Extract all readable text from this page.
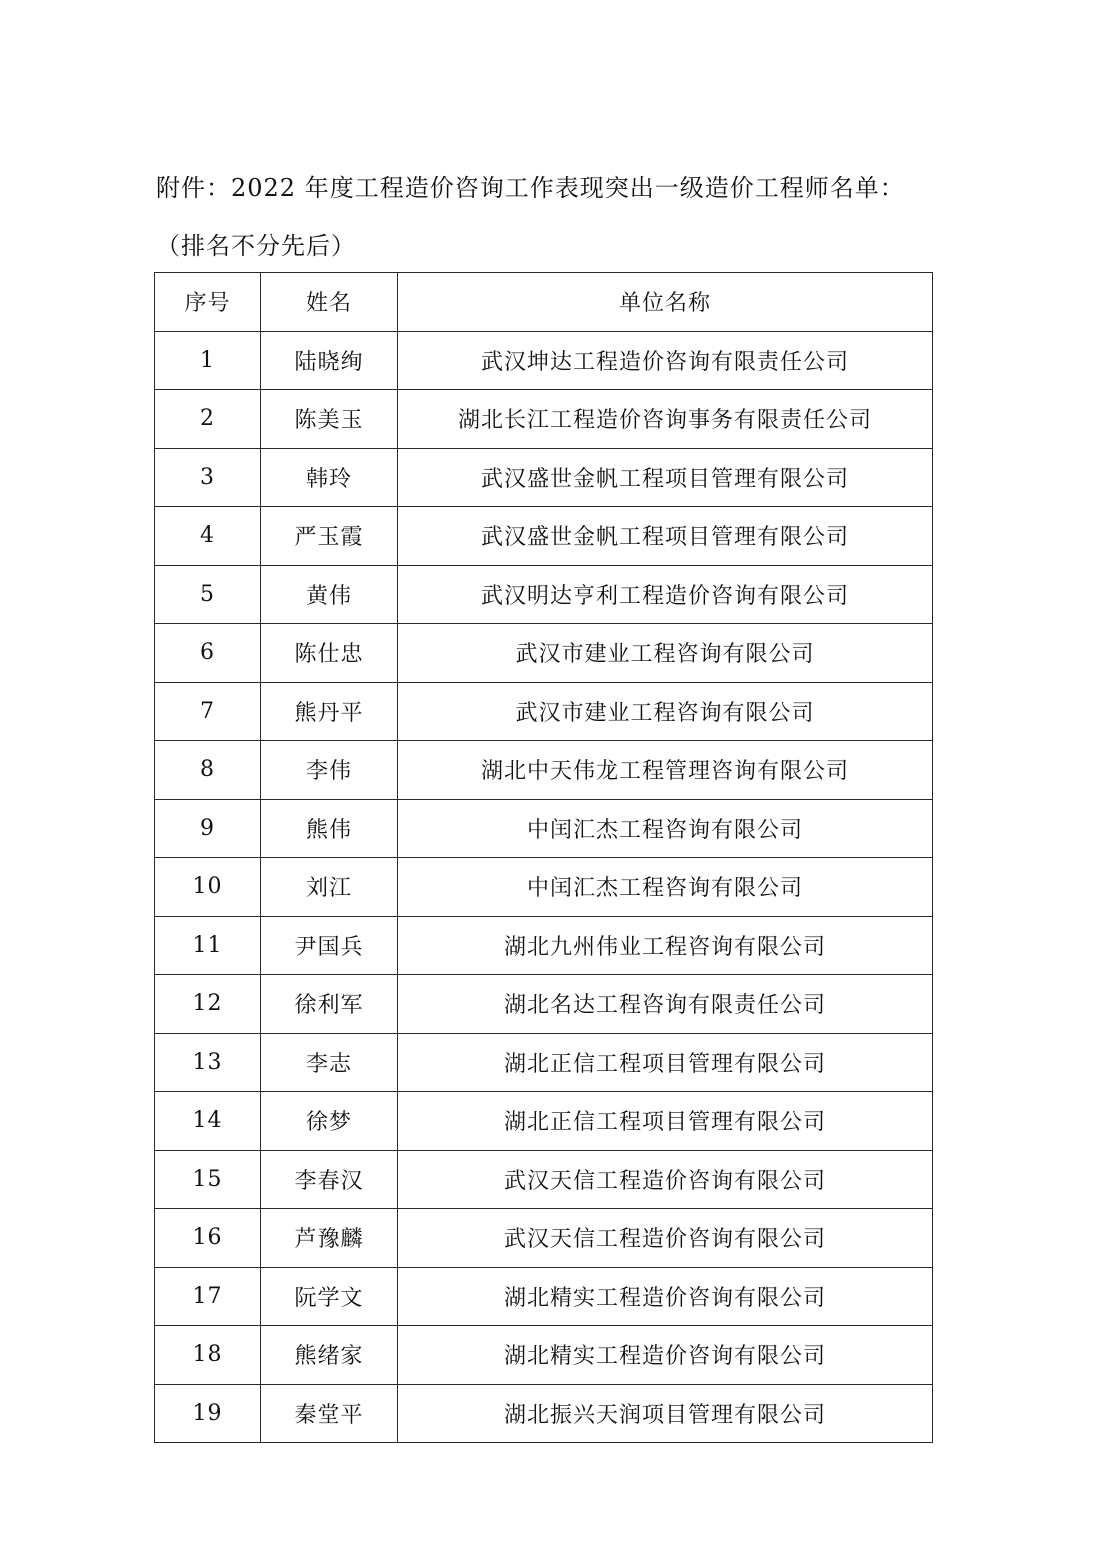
附件：2022 年度工程造价咨询工作表现突出一级造价工程师名单：
（排名不分先后）
序号	姓名	单位名称
1	陆晓绚	武汉坤达工程造价咨询有限责任公司
2	陈美玉	湖北长江工程造价咨询事务有限责任公司
3	韩玲	武汉盛世金帆工程项目管理有限公司
4	严玉霞	武汉盛世金帆工程项目管理有限公司
5	黄伟	武汉明达亨利工程造价咨询有限公司
6	陈仕忠	武汉市建业工程咨询有限公司
7	熊丹平	武汉市建业工程咨询有限公司
8	李伟	湖北中天伟龙工程管理咨询有限公司
9	熊伟	中闰汇杰工程咨询有限公司
10	刘江	中闰汇杰工程咨询有限公司
11	尹国兵	湖北九州伟业工程咨询有限公司
12	徐利军	湖北名达工程咨询有限责任公司
13	李志	湖北正信工程项目管理有限公司
14	徐梦	湖北正信工程项目管理有限公司
15	李春汉	武汉天信工程造价咨询有限公司
16	芦豫麟	武汉天信工程造价咨询有限公司
17	阮学文	湖北精实工程造价咨询有限公司
18	熊绪家	湖北精实工程造价咨询有限公司
19	秦堂平	湖北振兴天润项目管理有限公司
